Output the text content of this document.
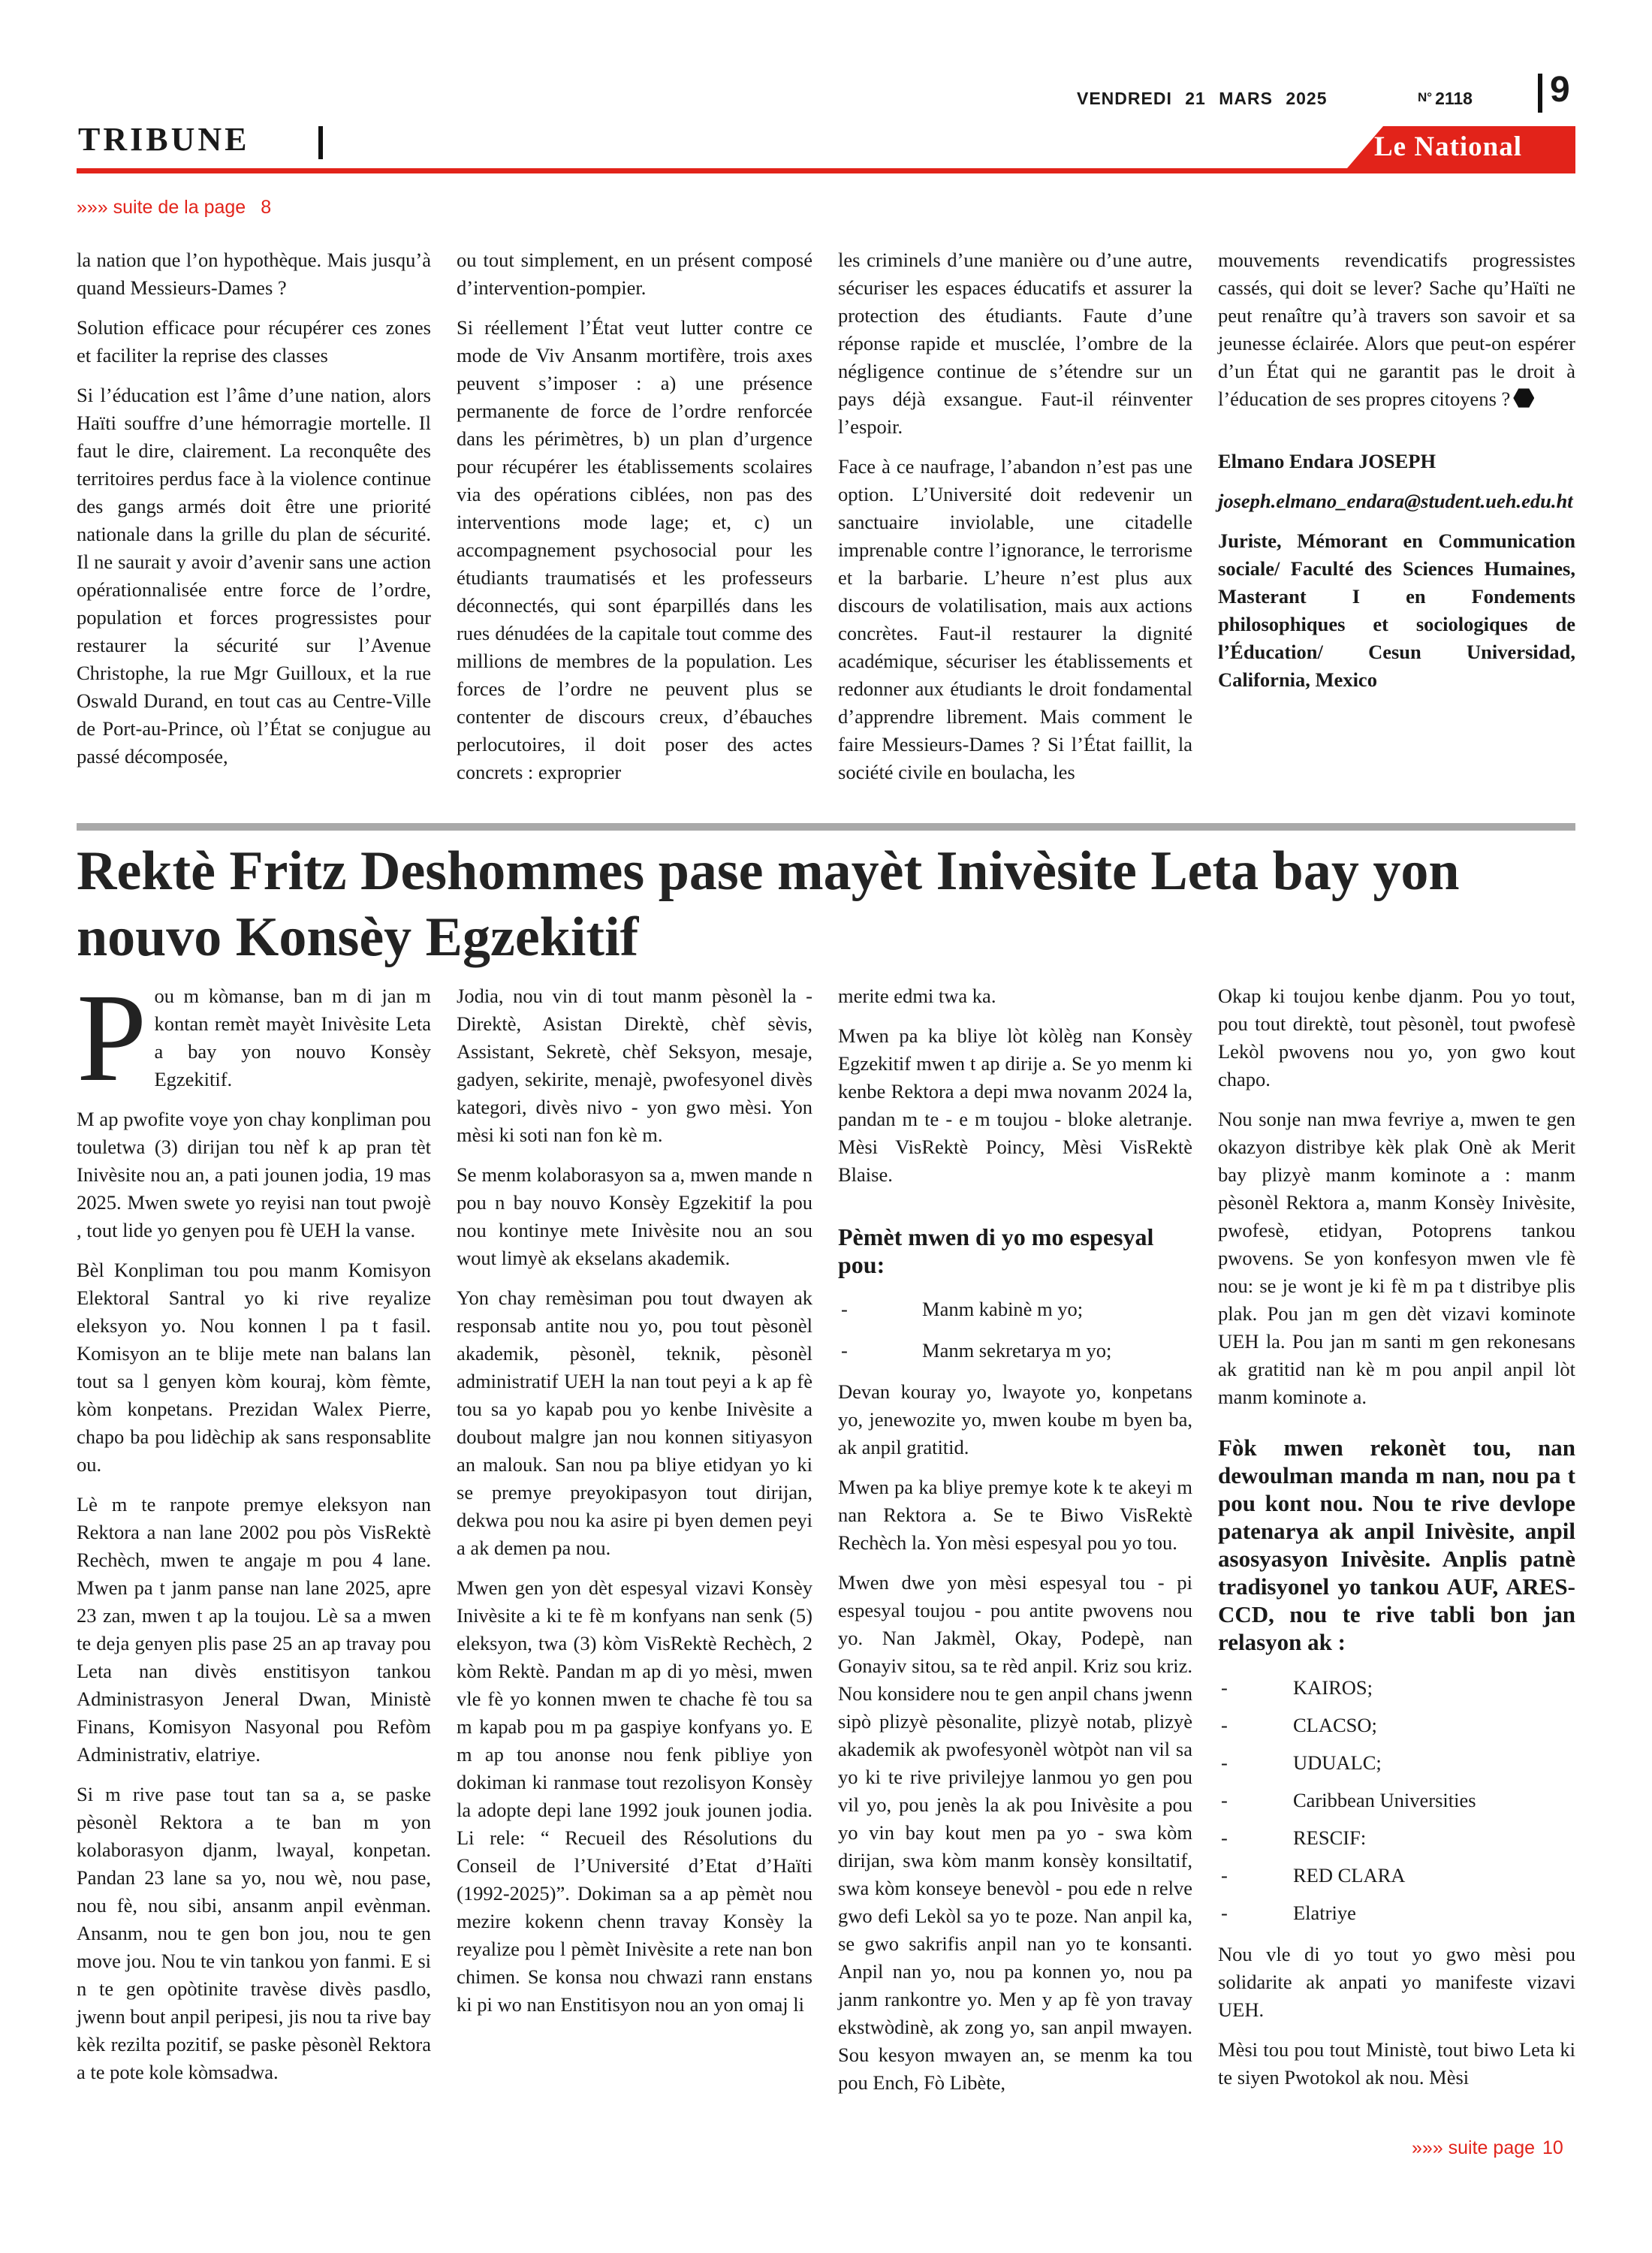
VENDREDI 21 MARS 2025	N° 2118 9
TRIBUNE	Le National
»»» suite de la page 8

la nation que l’on hypothèque. Mais jusqu’à quand Messieurs-Dames ?

Solution efficace pour récupérer ces zones et faciliter la reprise des classes

Si l’éducation est l’âme d’une nation, alors Haïti souffre d’une hémorragie mortelle. Il faut le dire, clairement. La reconquête des territoires perdus face à la violence continue des gangs armés doit être une priorité nationale dans la grille du plan de sécurité. Il ne saurait y avoir d’avenir sans une action opérationnalisée entre force de l’ordre, population et forces progressistes pour restaurer la sécurité sur l’Avenue Christophe, la rue Mgr Guilloux, et la rue Oswald Durand, en tout cas au Centre-Ville de Port-au-Prince, où l’État se conjugue au passé décomposée,

ou tout simplement, en un présent composé d’intervention-pompier.

Si réellement l’État veut lutter contre ce mode de Viv Ansanm mortifère, trois axes peuvent s’imposer : a) une présence permanente de force de l’ordre renforcée dans les périmètres, b) un plan d’urgence pour récupérer les établissements scolaires via des opérations ciblées, non pas des interventions mode lage; et, c) un accompagnement psychosocial pour les étudiants traumatisés et les professeurs déconnectés, qui sont éparpillés dans les rues dénudées de la capitale tout comme des millions de membres de la population. Les forces de l’ordre ne peuvent plus se contenter de discours creux, d’ébauches perlocutoires, il doit poser des actes concrets : exproprier

les criminels d’une manière ou d’une autre, sécuriser les espaces éducatifs et assurer la protection des étudiants. Faute d’une réponse rapide et musclée, l’ombre de la négligence continue de s’étendre sur un pays déjà exsangue. Faut-il réinventer l’espoir.

Face à ce naufrage, l’abandon n’est pas une option. L’Université doit redevenir un sanctuaire inviolable, une citadelle imprenable contre l’ignorance, le terrorisme et la barbarie. L’heure n’est plus aux discours de volatilisation, mais aux actions concrètes. Faut-il restaurer la dignité académique, sécuriser les établissements et redonner aux étudiants le droit fondamental d’apprendre librement. Mais comment le faire Messieurs-Dames ? Si l’État faillit, la société civile en boulacha, les

mouvements revendicatifs progressistes cassés, qui doit se lever? Sache qu’Haïti ne peut renaître qu’à travers son savoir et sa jeunesse éclairée. Alors que peut-on espérer d’un État qui ne garantit pas le droit à l’éducation de ses propres citoyens ?

Elmano Endara JOSEPH

joseph.elmano_endara@student.ueh.edu.ht

Juriste, Mémorant en Communication sociale/ Faculté des Sciences Humaines, Masterant I en Fondements philosophiques et sociologiques de l’Éducation/ Cesun Universidad, California, Mexico

Rektè Fritz Deshommes pase mayèt Inivèsite Leta bay yon nouvo Konsèy Egzekitif

Pou m kòmanse, ban m di jan m kontan remèt mayèt Inivèsite Leta a bay yon nouvo Konsèy Egzekitif.

M ap pwofite voye yon chay konpliman pou touletwa (3) dirijan tou nèf k ap pran tèt Inivèsite nou an, a pati jounen jodia, 19 mas 2025. Mwen swete yo reyisi nan tout pwojè , tout lide yo genyen pou fè UEH la vanse.

Bèl Konpliman tou pou manm Komisyon Elektoral Santral yo ki rive reyalize eleksyon yo. Nou konnen l pa t fasil. Komisyon an te blije mete nan balans lan tout sa l genyen kòm kouraj, kòm fèmte, kòm konpetans. Prezidan Walex Pierre, chapo ba pou lidèchip ak sans responsablite ou.

Lè m te ranpote premye eleksyon nan Rektora a nan lane 2002 pou pòs VisRektè Rechèch, mwen te angaje m pou 4 lane. Mwen pa t janm panse nan lane 2025, apre 23 zan, mwen t ap la toujou. Lè sa a mwen te deja genyen plis pase 25 an ap travay pou Leta nan divès enstitisyon tankou Administrasyon Jeneral Dwan, Ministè Finans, Komisyon Nasyonal pou Refòm Administrativ, elatriye.

Si m rive pase tout tan sa a, se paske pèsonèl Rektora a te ban m yon kolaborasyon djanm, lwayal, konpetan. Pandan 23 lane sa yo, nou wè, nou pase, nou fè, nou sibi, ansanm anpil evènman. Ansanm, nou te gen bon jou, nou te gen move jou. Nou te vin tankou yon fanmi. E si n te gen opòtinite travèse divès pasdlo, jwenn bout anpil peripesi, jis nou ta rive bay kèk rezilta pozitif, se paske pèsonèl Rektora a te pote kole kòmsadwa.

Jodia, nou vin di tout manm pèsonèl la - Direktè, Asistan Direktè, chèf sèvis, Assistant, Sekretè, chèf Seksyon, mesaje, gadyen, sekirite, menajè, pwofesyonel divès kategori, divès nivo - yon gwo mèsi. Yon mèsi ki soti nan fon kè m.

Se menm kolaborasyon sa a, mwen mande n pou n bay nouvo Konsèy Egzekitif la pou nou kontinye mete Inivèsite nou an sou wout limyè ak ekselans akademik.

Yon chay remèsiman pou tout dwayen ak responsab antite nou yo, pou tout pèsonèl akademik, pèsonèl, teknik, pèsonèl administratif UEH la nan tout peyi a k ap fè tou sa yo kapab pou yo kenbe Inivèsite a doubout malgre jan nou konnen sitiyasyon an malouk. San nou pa bliye etidyan yo ki se premye preyokipasyon tout dirijan, dekwa pou nou ka asire pi byen demen peyi a ak demen pa nou.

Mwen gen yon dèt espesyal vizavi Konsèy Inivèsite a ki te fè m konfyans nan senk (5) eleksyon, twa (3) kòm VisRektè Rechèch, 2 kòm Rektè. Pandan m ap di yo mèsi, mwen vle fè yo konnen mwen te chache fè tou sa m kapab pou m pa gaspiye konfyans yo. E m ap tou anonse nou fenk pibliye yon dokiman ki ranmase tout rezolisyon Konsèy la adopte depi lane 1992 jouk jounen jodia. Li rele: “ Recueil des Résolutions du Conseil de l’Université d’Etat d’Haïti (1992-2025)”. Dokiman sa a ap pèmèt nou mezire kokenn chenn travay Konsèy la reyalize pou l pèmèt Inivèsite a rete nan bon chimen. Se konsa nou chwazi rann enstans ki pi wo nan Enstitisyon nou an yon omaj li

merite edmi twa ka.

Mwen pa ka bliye lòt kòlèg nan Konsèy Egzekitif mwen t ap dirije a. Se yo menm ki kenbe Rektora a depi mwa novanm 2024 la, pandan m te - e m toujou - bloke aletranje. Mèsi VisRektè Poincy, Mèsi VisRektè Blaise.

Pèmèt mwen di yo mo espesyal pou:

-	Manm kabinè m yo;
-	Manm sekretarya m yo;

Devan kouray yo, lwayote yo, konpetans yo, jenewozite yo, mwen koube m byen ba, ak anpil gratitid.

Mwen pa ka bliye premye kote k te akeyi m nan Rektora a. Se te Biwo VisRektè Rechèch la. Yon mèsi espesyal pou yo tou.

Mwen dwe yon mèsi espesyal tou - pi espesyal toujou - pou antite pwovens nou yo. Nan Jakmèl, Okay, Podepè, nan Gonayiv sitou, sa te rèd anpil. Kriz sou kriz. Nou konsidere nou te gen anpil chans jwenn sipò plizyè pèsonalite, plizyè notab, plizyè akademik ak pwofesyonèl wòtpòt nan vil sa yo ki te rive privilejye lanmou yo gen pou vil yo, pou jenès la ak pou Inivèsite a pou yo vin bay kout men pa yo - swa kòm dirijan, swa kòm manm konsèy konsiltatif, swa kòm konseye benevòl - pou ede n relve gwo defi Lekòl sa yo te poze. Nan anpil ka, se gwo sakrifis anpil nan yo te konsanti. Anpil nan yo, nou pa konnen yo, nou pa janm rankontre yo. Men y ap fè yon travay ekstwòdinè, ak zong yo, san anpil mwayen. Sou kesyon mwayen an, se menm ka tou pou Ench, Fò Libète,

Okap ki toujou kenbe djanm. Pou yo tout, pou tout direktè, tout pèsonèl, tout pwofesè Lekòl pwovens nou yo, yon gwo kout chapo.

Nou sonje nan mwa fevriye a, mwen te gen okazyon distribye kèk plak Onè ak Merit bay plizyè manm kominote a : manm pèsonèl Rektora a, manm Konsèy Inivèsite, pwofesè, etidyan, Potoprens tankou pwovens. Se yon konfesyon mwen vle fè nou: se je wont je ki fè m pa t distribye plis plak. Pou jan m gen dèt vizavi kominote UEH la. Pou jan m santi m gen rekonesans ak gratitid nan kè m pou anpil anpil lòt manm kominote a.

Fòk mwen rekonèt tou, nan dewoulman manda m nan, nou pa t pou kont nou. Nou te rive devlope patenarya ak anpil Inivèsite, anpil asosyasyon Inivèsite. Anplis patnè tradisyonel yo tankou AUF, ARES-CCD, nou te rive tabli bon jan relasyon ak :

-	KAIROS;
-	CLACSO;
-	UDUALC;
-	Caribbean Universities
-	RESCIF:
-	RED CLARA
-	Elatriye

Nou vle di yo tout yo gwo mèsi pou solidarite ak anpati yo manifeste vizavi UEH.

Mèsi tou pou tout Ministè, tout biwo Leta ki te siyen Pwotokol ak nou. Mèsi

»»» suite page 10
